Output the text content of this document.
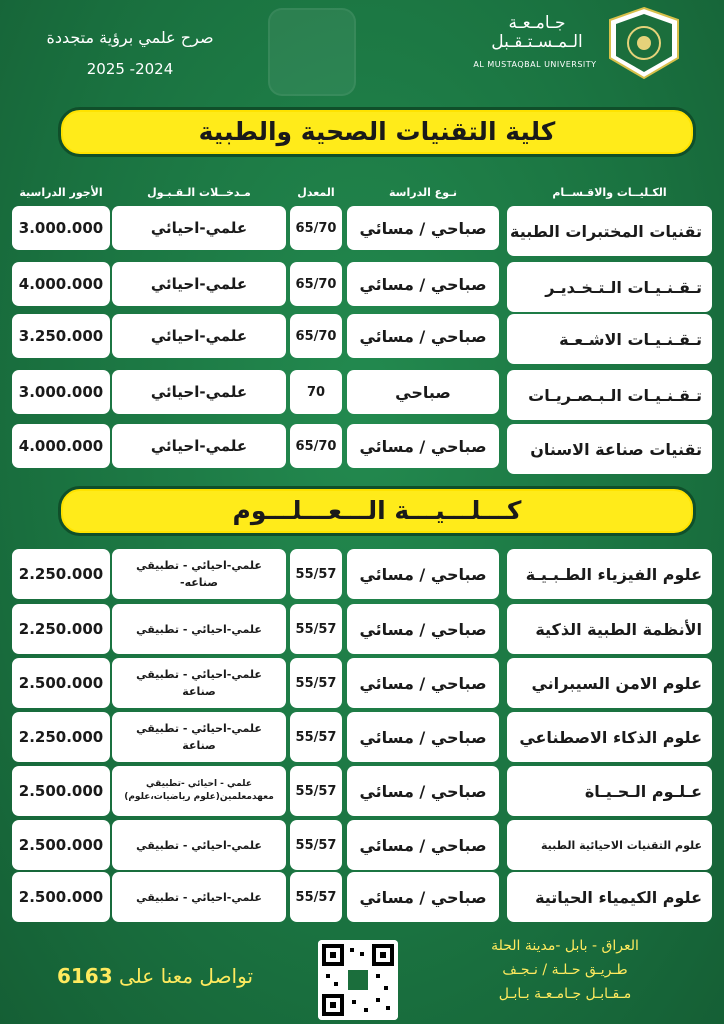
صرح علمي برؤية متجددة
2025 -2024
جـامـعـة
الـمـسـتـقـبل
AL MUSTAQBAL UNIVERSITY
كلية التقنيات الصحية والطبية
الكـليــات والاقـســام
نـوع الدراسة
المعدل
مـدخــلات الـقـبـول
الأجور الدراسية
تقنيات المختبرات الطبية
صباحي / مسائي
65/70
علمي-احيائي
3.000.000
تـقـنـيـات الـتـخـديـر
صباحي / مسائي
65/70
علمي-احيائي
4.000.000
تـقـنـيـات الاشـعـة
صباحي / مسائي
65/70
علمي-احيائي
3.250.000
تـقـنـيـات الـبـصـريـات
صباحي
70
علمي-احيائي
3.000.000
تقنيات صناعة الاسنان
صباحي / مسائي
65/70
علمي-احيائي
4.000.000
كـــلـــيـــة الـــعـــلـــوم
علوم الفيزياء الطـبـيـة
صباحي / مسائي
55/57
علمي-احيائي - تطبيقي
-صناعه
2.250.000
الأنظمة الطبية الذكية
صباحي / مسائي
55/57
علمي-احيائي - تطبيقي
2.250.000
علوم الامن السيبراني
صباحي / مسائي
55/57
علمي-احيائي - تطبيقي
صناعة
2.500.000
علوم الذكاء الاصطناعي
صباحي / مسائي
55/57
علمي-احيائي - تطبيقي
صناعة
2.250.000
عـلـوم الـحـيـاة
صباحي / مسائي
55/57
علمي - احيائي -تطبيقي
معهدمعلمين(علوم رياضيات،علوم)
2.500.000
علوم التقنيات الاحيائية الطبية
صباحي / مسائي
55/57
علمي-احيائي - تطبيقي
2.500.000
علوم الكيمياء الحياتية
صباحي / مسائي
55/57
علمي-احيائي - تطبيقي
2.500.000
تواصل معنا على 6163
العراق - بابل -مدينة الحلة
طـريـق حـلـة / نـجـف
مـقـابـل جـامـعـة بـابـل
